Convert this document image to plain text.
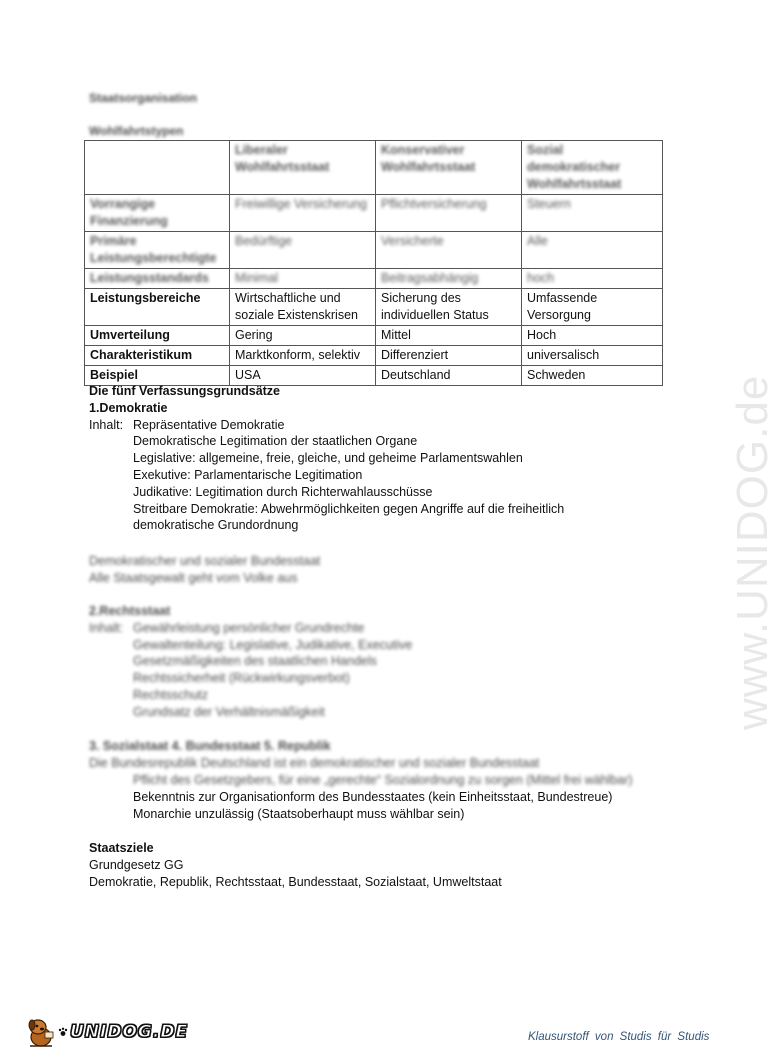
Staatsorganisation
Wohlfahrtstypen

	Liberaler Wohlfahrtsstaat	Konservativer Wohlfahrtsstaat	Sozial demokratischer Wohlfahrtsstaat

Vorrangige Finanzierung	Freiwillige Versicherung	Pflichtversicherung	Steuern

Primäre Leistungsberechtigte	Bedürftige	Versicherte	Alle

Leistungsstandards	Minimal	Beitragsabhängig	hoch

Leistungsbereiche	Wirtschaftliche und soziale Existenskrisen	Sicherung des individuellen Status	Umfassende Versorgung
Umverteilung	Gering	Mittel	Hoch
Charakteristikum	Marktkonform, selektiv	Differenziert	universalisch
Beispiel	USA	Deutschland	Schweden
Die fünf Verfassungsgrundsätze
1.Demokratie
Inhalt: Repräsentative Demokratie
Demokratische Legitimation der staatlichen Organe
Legislative: allgemeine, freie, gleiche, und geheime Parlamentswahlen
Exekutive: Parlamentarische Legitimation
Judikative: Legitimation durch Richterwahlausschüsse
Streitbare Demokratie: Abwehrmöglichkeiten gegen Angriffe auf die freiheitlich
demokratische Grundordnung
Demokratischer und sozialer Bundesstaat
Alle Staatsgewalt geht vom Volke aus
2.Rechtsstaat
Inhalt: Gewährleistung persönlicher Grundrechte
Gewaltenteilung: Legislative, Judikative, Executive
Gesetzmäßigkeiten des staatlichen Handels
Rechtssicherheit (Rückwirkungsverbot)
Rechtsschutz
Grundsatz der Verhältnismäßigkeit
3. Sozialstaat 4. Bundesstaat 5. Republik
Die Bundesrepublik Deutschland ist ein demokratischer und sozialer Bundesstaat
Pflicht des Gesetzgebers, für eine „gerechte“ Sozialordnung zu sorgen (Mittel frei wählbar)
Bekenntnis zur Organisationform des Bundesstaates (kein Einheitsstaat, Bundestreue)
Monarchie unzulässig (Staatsoberhaupt muss wählbar sein)
Staatsziele
Grundgesetz GG
Demokratie, Republik, Rechtsstaat, Bundesstaat, Sozialstaat, Umweltstaat
www.UNIDOG.de
UNIDOG.DE	Klausurstoff von Studis für Studis
